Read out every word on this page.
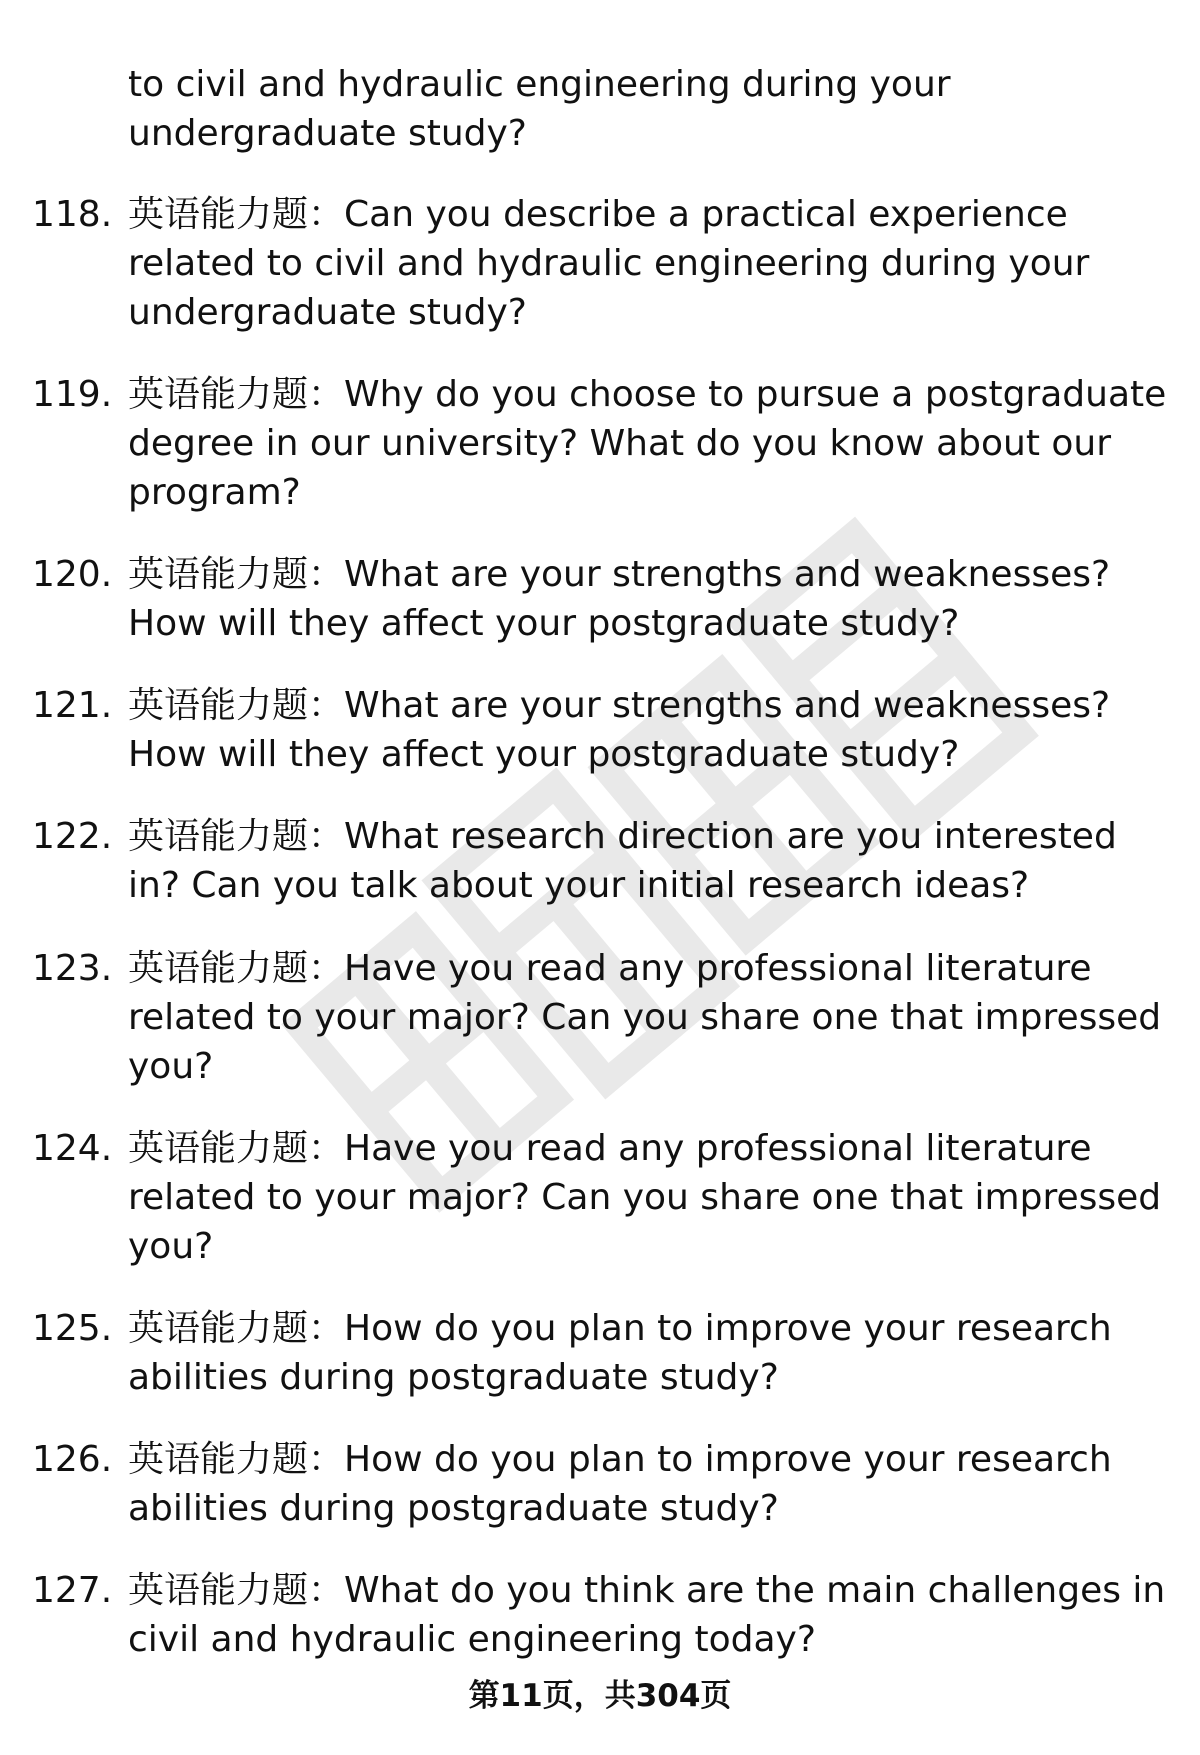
to civil and hydraulic engineering during your undergraduate study?
118. 英语能力题：Can you describe a practical experience related to civil and hydraulic engineering during your undergraduate study?
119. 英语能力题：Why do you choose to pursue a postgraduate degree in our university? What do you know about our program?
120. 英语能力题：What are your strengths and weaknesses? How will they affect your postgraduate study?
121. 英语能力题：What are your strengths and weaknesses? How will they affect your postgraduate study?
122. 英语能力题：What research direction are you interested in? Can you talk about your initial research ideas?
123. 英语能力题：Have you read any professional literature related to your major? Can you share one that impressed you?
124. 英语能力题：Have you read any professional literature related to your major? Can you share one that impressed you?
125. 英语能力题：How do you plan to improve your research abilities during postgraduate study?
126. 英语能力题：How do you plan to improve your research abilities during postgraduate study?
127. 英语能力题：What do you think are the main challenges in civil and hydraulic engineering today?
第11页，共304页
